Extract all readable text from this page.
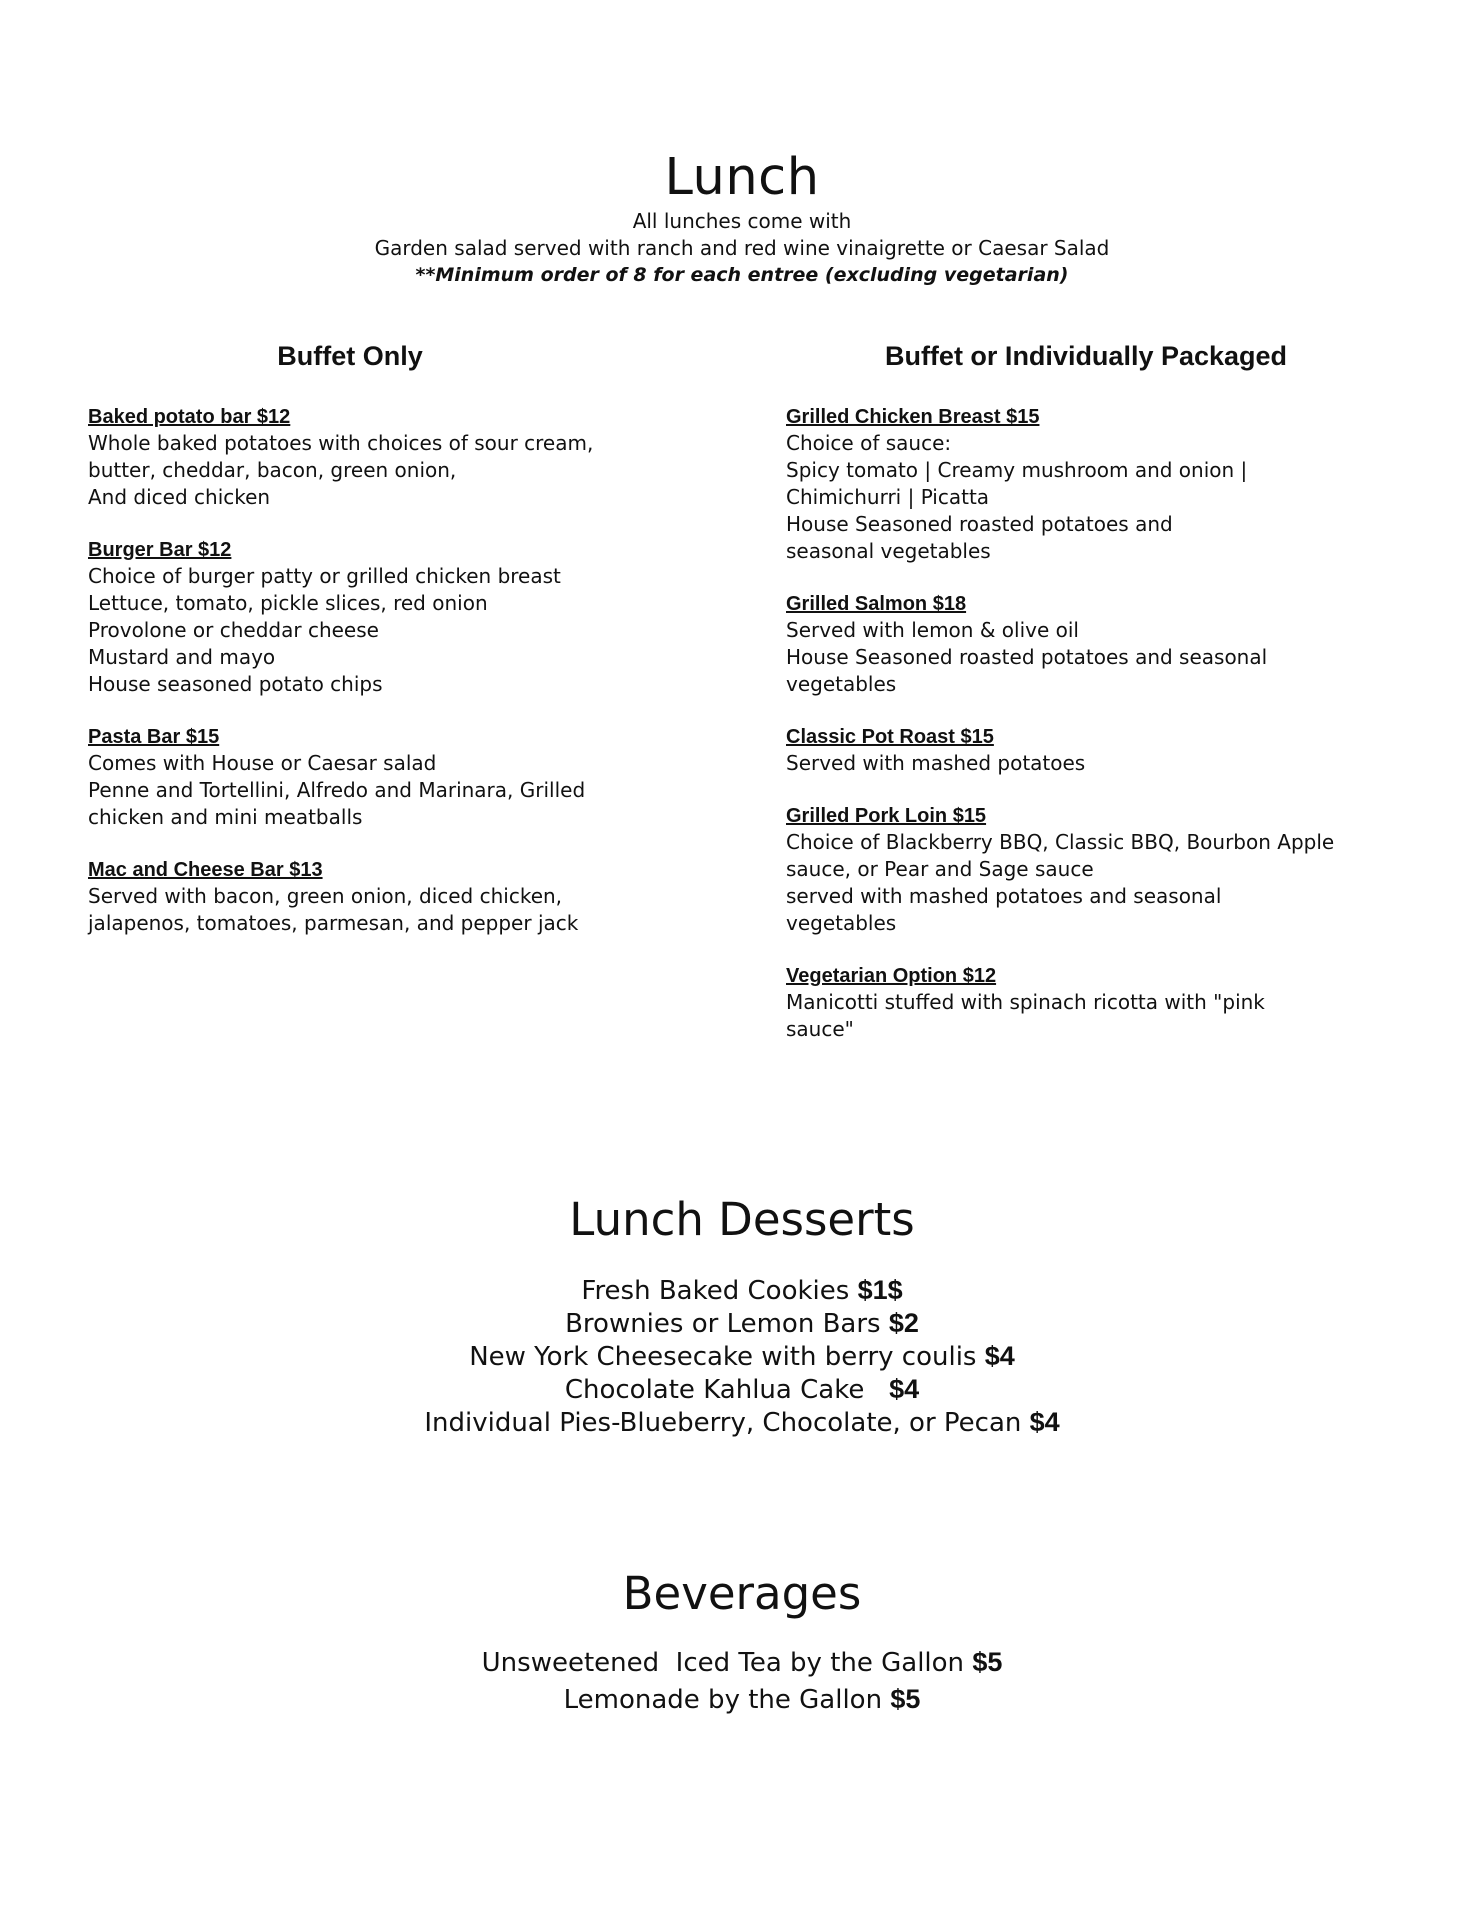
Lunch

All lunches come with

Garden salad served with ranch and red wine vinaigrette or Caesar Salad

**Minimum order of 8 for each entree (excluding vegetarian)

Buffet Only
Baked potato bar $12
Whole baked potatoes with choices of sour cream,
butter, cheddar, bacon, green onion,
And diced chicken
Burger Bar $12
Choice of burger patty or grilled chicken breast
Lettuce, tomato, pickle slices, red onion
Provolone or cheddar cheese
Mustard and mayo
House seasoned potato chips
Pasta Bar $15
Comes with House or Caesar salad
Penne and Tortellini, Alfredo and Marinara, Grilled
chicken and mini meatballs
Mac and Cheese Bar $13
Served with bacon, green onion, diced chicken,
jalapenos, tomatoes, parmesan, and pepper jack
Buffet or Individually Packaged
Grilled Chicken Breast $15
Choice of sauce:
Spicy tomato | Creamy mushroom and onion |
Chimichurri | Picatta
House Seasoned roasted potatoes and
seasonal vegetables
Grilled Salmon $18
Served with lemon & olive oil
House Seasoned roasted potatoes and seasonal
vegetables
Classic Pot Roast $15
Served with mashed potatoes
Grilled Pork Loin $15
Choice of Blackberry BBQ, Classic BBQ, Bourbon Apple
sauce, or Pear and Sage sauce
served with mashed potatoes and seasonal
vegetables
Vegetarian Option $12
Manicotti stuffed with spinach ricotta with "pink
sauce"
Lunch Desserts

Fresh Baked Cookies $1$

Brownies or Lemon Bars $2

New York Cheesecake with berry coulis $4

Chocolate Kahlua Cake   $4

Individual Pies-Blueberry, Chocolate, or Pecan $4

Beverages

Unsweetened  Iced Tea by the Gallon $5

Lemonade by the Gallon $5
